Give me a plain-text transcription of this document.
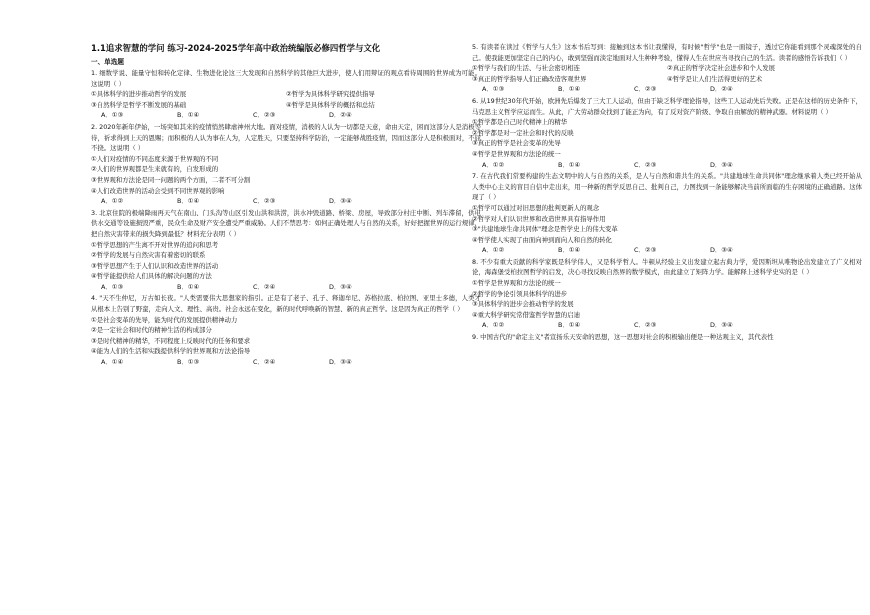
1.1追求智慧的学问 练习-2024-2025学年高中政治统编版必修四哲学与文化
一、单选题

1. 细数学说、能量守恒和转化定律、生物进化论这三大发现和自然科学的其他巨大进步，使人们用辩证的观点看待周围的世界成为可能。这说明（ ）

①具体科学的进步推动哲学的发展	②哲学为具体科学研究提供指导
③自然科学是哲学不断发展的基础	④哲学是具体科学的概括和总结
A．①③	B．①④	C．②③	D．②④

2. 2020年新年伊始，一场突如其来的疫情悄然肆虐神州大地。面对疫情，消极的人认为一切都是天意，命由天定，困而这部分人是消极等待，祈求得到上天的恩赐；而积极的人认为事在人为，人定胜天，只要坚持科学防治，一定能够战胜疫情，因而这部分人是积极面对，不屈不挠。这说明（ ）

①人们对疫情的不同态度来源于世界观的不同
②人们的世界观都是生来就有的，自发形成的
③世界观和方法论是同一问题的两个方面，二者不可分割
④人们改造世界的活动会受到不同世界观的影响
A．①②	B．①④	C．②③	D．③④

3. 北京住院的极端降雨再天气在南山、门头沟等山区引发山洪和洪涝，洪水冲毁道路、桥梁、房屋，导致部分村庄中断、列车滞留，供电供水交通等设施损毁严重，民众生命及财产安全遭受严重威胁。人们不禁思考：如何正确处理人与自然的关系，好好把握世界的运行规律，把自然灾害带来的损失降到最低？材料充分表明（ ）

①哲学思想的产生离不开对世界的追问和思考
②哲学的发展与自然灾害有着密切的联系
③哲学思想产生于人们认识和改造世界的活动
④哲学能提供给人们具体的解决问题的方法
A．①③	B．①④	C．②④	D．③④

4. "天不生仲尼，万古如长夜。"人类需要伟大思想家的指引。正是有了老子、孔子、释迦牟尼、苏格拉底、柏拉图、亚里士多德，人类才从根本上告别了野蛮，走向人文、理性、高贵。社会永远在变化，新的时代呼唤新的智慧、新的真正哲学。这是因为真正的哲学（ ）

①是社会变革的先导，能为时代的发展提供精神动力
②是一定社会和时代的精神生活的构成部分
③是时代精神的精华，不同程度上反映时代的任务和要求
④能为人们的生活和实践提供科学的世界观和方法论指导
A．①④	B．①③	C．②④	D．③④

5. 有读者在读过《哲学与人生》这本书后写到：接触到这本书让我懂得，有时候"哲学"也是一面镜子，透过它你能看到那个灵魂深处的自己。使我能更加坚定自己的内心，敢到坚强而淡定地面对人生种种考验，懂得人生在世应当寻找自己的生活。读者的感悟告诉我们（ ）

①哲学与我们的生活、与社会密切相连	②真正的哲学决定社会进步和个人发展
③真正的哲学指导人们正确改造客观世界	④哲学是让人们生活得更好的艺术
A．①③	B．①④	C．②③	D．②④

6. 从19世纪30年代开始，欧洲先后爆发了三大工人运动，但由于缺乏科学理论指导，这些工人运动先后失败。正是在这样的历史条件下，马克思主义哲学应运而生。从此，广大劳动群众找到了能正为向，有了反对资产阶级、争取自由解放的精神武器。材料说明（ ）

①哲学都是自己时代精神上的精华
②哲学都是对一定社会和时代的反映
③真正的哲学是社会变革的先导
④哲学是世界观和方法论的统一
A．①②	B．①④	C．②③	D．③④

7. 在古代我们常要构建的生态文明中的人与自然的关系，是人与自然和谐共生的关系。"共建地球生命共同体"理念继承着人类已经开始从人类中心主义的盲目自信中走出来，用一种新的哲学反思自己、批判自己，力图找到一条能够解决当前所面临的生存困境的正确道路。这体现了（ ）

①哲学可以通过对旧思想的批判更新人的观念
②哲学对人们认识世界和改造世界具有指导作用
③"共建地球生命共同体"理念是哲学史上的伟大变革
④哲学使人实现了由面向神到面向人和自然的转化
A．①②	B．①④	C．②③	D．③④

8. 不少有重大贡献的科学家既是科学伟人，又是科学哲人。牛顿从经验主义出发建立起古典力学，爱因斯坦从唯物论出发建立了广义相对论，海森堡受柏拉图哲学的启发，决心寻找反映自然界的数学模式，由此建立了矩阵力学。能解释上述科学史实的是（ ）

①哲学是世界观和方法论的统一
②哲学的争论引领具体科学的进步
③具体科学的进步会推动哲学的发展
④重大科学研究常借鉴哲学智慧的启迪
A．①②	B．①④	C．②③	D．③④

9. 中国古代的"命定主义"者宣扬乐天安命的思想，这一思想对社会的积极输出便是一种达观主义，其代表性
